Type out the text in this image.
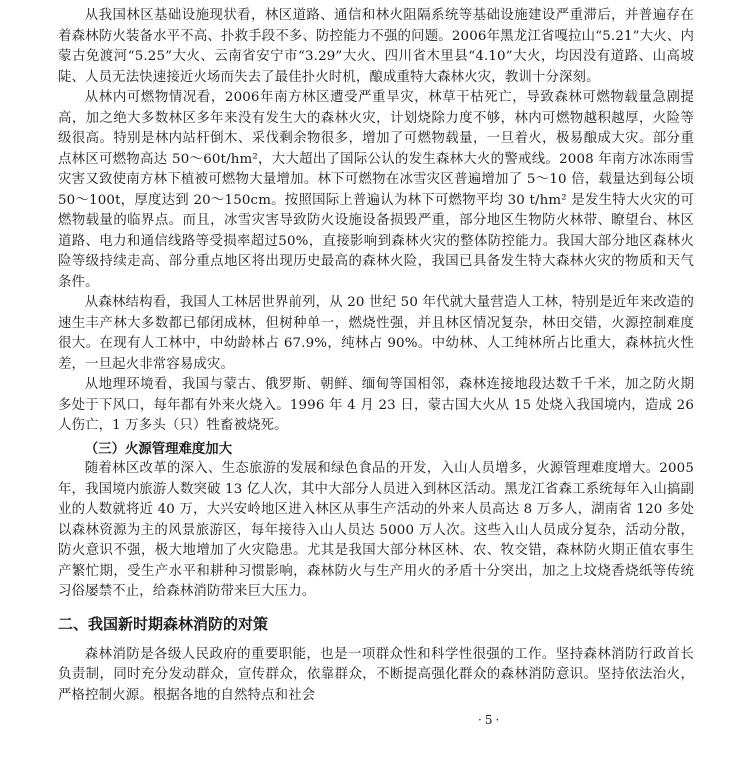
从我国林区基础设施现状看，林区道路、通信和林火阻隔系统等基础设施建设严重滞后，并普遍存在着森林防火装备水平不高、扑救手段不多、防控能力不强的问题。2006年黑龙江省嘎拉山“5.21”大火、内蒙古免渡河“5.25”大火、云南省安宁市“3.29”大火、四川省木里县“4.10”大火，均因没有道路、山高坡陡、人员无法快速接近火场而失去了最佳扑火时机，酿成重特大森林火灾，教训十分深刻。

从林内可燃物情况看，2006年南方林区遭受严重旱灾，林草干枯死亡，导致森林可燃物载量急剧提高，加之绝大多数林区多年来没有发生大的森林火灾，计划烧除力度不够，林内可燃物越积越厚，火险等级很高。特别是林内站杆倒木、采伐剩余物很多，增加了可燃物载量，一旦着火，极易酿成大灾。部分重点林区可燃物高达 50～60t/hm²，大大超出了国际公认的发生森林大火的警戒线。2008 年南方冰冻雨雪灾害又致使南方林下植被可燃物大量增加。林下可燃物在冰雪灾区普遍增加了 5～10 倍，载量达到每公顷 50～100t，厚度达到 20～150cm。按照国际上普遍认为林下可燃物平均 30 t/hm² 是发生特大火灾的可燃物载量的临界点。而且，冰雪灾害导致防火设施设备损毁严重，部分地区生物防火林带、瞭望台、林区道路、电力和通信线路等受损率超过50%，直接影响到森林火灾的整体防控能力。我国大部分地区森林火险等级持续走高、部分重点地区将出现历史最高的森林火险，我国已具备发生特大森林火灾的物质和天气条件。

从森林结构看，我国人工林居世界前列，从 20 世纪 50 年代就大量营造人工林，特别是近年来改造的速生丰产林大多数都已郁闭成林，但树种单一，燃烧性强，并且林区情况复杂，林田交错，火源控制难度很大。在现有人工林中，中幼龄林占 67.9%，纯林占 90%。中幼林、人工纯林所占比重大，森林抗火性差，一旦起火非常容易成灾。

从地理环境看，我国与蒙古、俄罗斯、朝鲜、缅甸等国相邻，森林连接地段达数千千米，加之防火期多处于下风口，每年都有外来火烧入。1996 年 4 月 23 日，蒙古国大火从 15 处烧入我国境内，造成 26 人伤亡，1 万多头（只）牲畜被烧死。

（三）火源管理难度加大

随着林区改革的深入、生态旅游的发展和绿色食品的开发，入山人员增多，火源管理难度增大。2005 年，我国境内旅游人数突破 13 亿人次，其中大部分人员进入到林区活动。黑龙江省森工系统每年入山搞副业的人数就将近 40 万，大兴安岭地区进入林区从事生产活动的外来人员高达 8 万多人，湖南省 120 多处以森林资源为主的风景旅游区，每年接待入山人员达 5000 万人次。这些入山人员成分复杂，活动分散，防火意识不强，极大地增加了火灾隐患。尤其是我国大部分林区林、农、牧交错，森林防火期正值农事生产繁忙期，受生产水平和耕种习惯影响，森林防火与生产用火的矛盾十分突出，加之上坟烧香烧纸等传统习俗屡禁不止，给森林消防带来巨大压力。

二、我国新时期森林消防的对策

森林消防是各级人民政府的重要职能，也是一项群众性和科学性很强的工作。坚持森林消防行政首长负责制，同时充分发动群众，宣传群众，依靠群众，不断提高强化群众的森林消防意识。坚持依法治火，严格控制火源。根据各地的自然特点和社会

·5·
